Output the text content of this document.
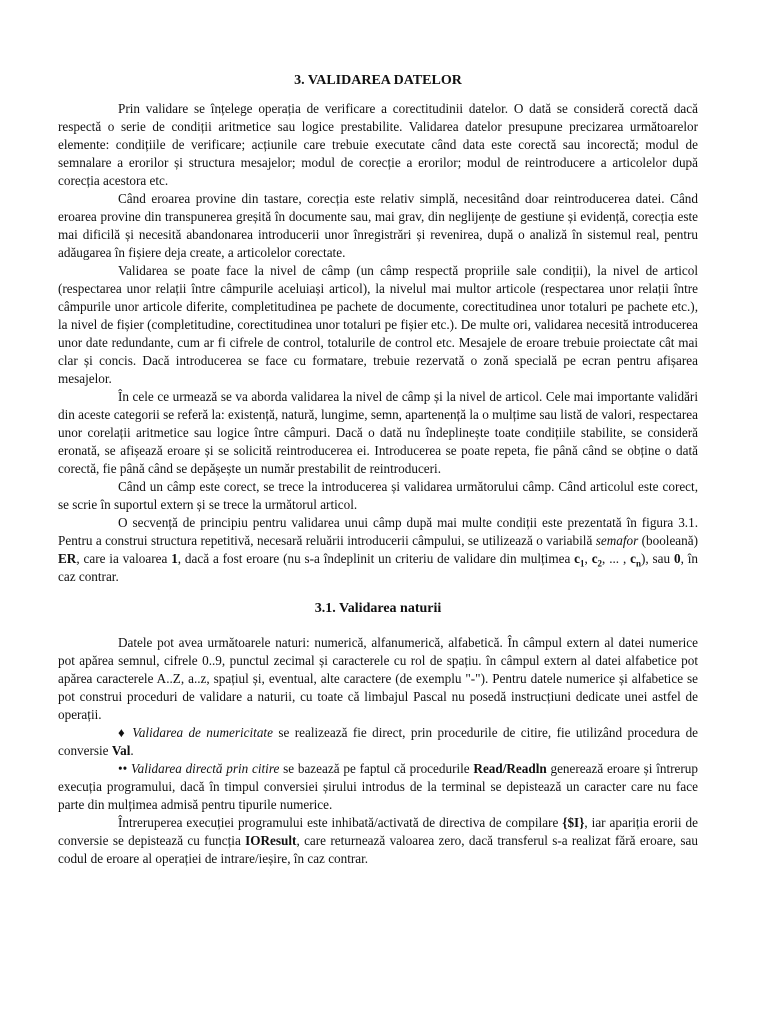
3. VALIDAREA DATELOR

Prin validare se înțelege operația de verificare a corectitudinii datelor. O dată se consideră corectă dacă respectă o serie de condiții aritmetice sau logice prestabilite. Validarea datelor presupune precizarea următoarelor elemente: condițiile de verificare; acțiunile care trebuie executate când data este corectă sau incorectă; modul de semnalare a erorilor și structura mesajelor; modul de corecție a erorilor; modul de reintroducere a articolelor după corecția acestora etc.

Când eroarea provine din tastare, corecția este relativ simplă, necesitând doar reintroducerea datei. Când eroarea provine din transpunerea greșită în documente sau, mai grav, din neglijențe de gestiune și evidență, corecția este mai dificilă și necesită abandonarea introducerii unor înregistrări și revenirea, după o analiză în sistemul real, pentru adăugarea în fișiere deja create, a articolelor corectate.

Validarea se poate face la nivel de câmp (un câmp respectă propriile sale condiții), la nivel de articol (respectarea unor relații între câmpurile aceluiași articol), la nivelul mai multor articole (respectarea unor relații între câmpurile unor articole diferite, completitudinea pe pachete de documente, corectitudinea unor totaluri pe pachete etc.), la nivel de fișier (completitudine, corectitudinea unor totaluri pe fișier etc.). De multe ori, validarea necesită introducerea unor date redundante, cum ar fi cifrele de control, totalurile de control etc. Mesajele de eroare trebuie proiectate cât mai clar și concis. Dacă introducerea se face cu formatare, trebuie rezervată o zonă specială pe ecran pentru afișarea mesajelor.

În cele ce urmează se va aborda validarea la nivel de câmp și la nivel de articol. Cele mai importante validări din aceste categorii se referă la: existență, natură, lungime, semn, apartenență la o mulțime sau listă de valori, respectarea unor corelații aritmetice sau logice între câmpuri. Dacă o dată nu îndeplinește toate condițiile stabilite, se consideră eronată, se afișează eroare și se solicită reintroducerea ei. Introducerea se poate repeta, fie până când se obține o dată corectă, fie până când se depășește un număr prestabilit de reintroduceri.

Când un câmp este corect, se trece la introducerea și validarea următorului câmp. Când articolul este corect, se scrie în suportul extern și se trece la următorul articol.

O secvență de principiu pentru validarea unui câmp după mai multe condiții este prezentată în figura 3.1. Pentru a construi structura repetitivă, necesară reluării introducerii câmpului, se utilizează o variabilă semafor (booleană) ER, care ia valoarea 1, dacă a fost eroare (nu s-a îndeplinit un criteriu de validare din mulțimea $c_1$, $c_2$, ... , $c_n$), sau 0, în caz contrar.

3.1. Validarea naturii

Datele pot avea următoarele naturi: numerică, alfanumerică, alfabetică. În câmpul extern al datei numerice pot apărea semnul, cifrele 0..9, punctul zecimal și caracterele cu rol de spațiu. în câmpul extern al datei alfabetice pot apărea caracterele A..Z, a..z, spațiul și, eventual, alte caractere (de exemplu "-"). Pentru datele numerice și alfabetice se pot construi proceduri de validare a naturii, cu toate că limbajul Pascal nu posedă instrucțiuni dedicate unei astfel de operații.

♦ Validarea de numericitate se realizează fie direct, prin procedurile de citire, fie utilizând procedura de conversie Val.

•• Validarea directă prin citire se bazează pe faptul că procedurile Read/Readln generează eroare și întrerup execuția programului, dacă în timpul conversiei șirului introdus de la terminal se depistează un caracter care nu face parte din mulțimea admisă pentru tipurile numerice.

Întreruperea execuției programului este inhibată/activată de directiva de compilare {$I}, iar apariția erorii de conversie se depistează cu funcția IOResult, care returnează valoarea zero, dacă transferul s-a realizat fără eroare, sau codul de eroare al operației de intrare/ieșire, în caz contrar.
